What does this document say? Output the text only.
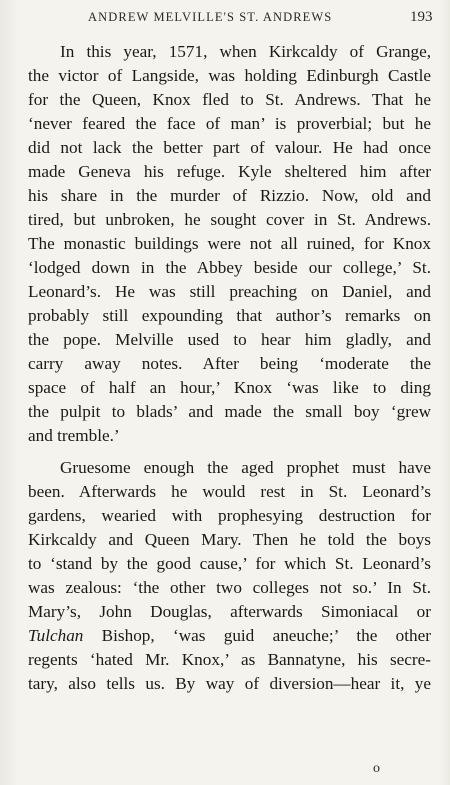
ANDREW MELVILLE'S ST. ANDREWS	193

In this year, 1571, when Kirkcaldy of Grange,
the victor of Langside, was holding Edinburgh Castle
for the Queen, Knox fled to St. Andrews. That he
‘never feared the face of man’ is proverbial; but he
did not lack the better part of valour. He had once
made Geneva his refuge. Kyle sheltered him after
his share in the murder of Rizzio. Now, old and
tired, but unbroken, he sought cover in St. Andrews.
The monastic buildings were not all ruined, for Knox
‘lodged down in the Abbey beside our college,’ St.
Leonard’s. He was still preaching on Daniel, and
probably still expounding that author’s remarks on
the pope. Melville used to hear him gladly, and
carry away notes. After being ‘moderate the
space of half an hour,’ Knox ‘was like to ding
the pulpit to blads’ and made the small boy ‘grew
and tremble.’

Gruesome enough the aged prophet must have
been. Afterwards he would rest in St. Leonard’s
gardens, wearied with prophesying destruction for
Kirkcaldy and Queen Mary. Then he told the boys
to ‘stand by the good cause,’ for which St. Leonard’s
was zealous: ‘the other two colleges not so.’ In St.
Mary’s, John Douglas, afterwards Simoniacal or
Tulchan Bishop, ‘was guid aneuche;’ the other
regents ‘hated Mr. Knox,’ as Bannatyne, his secre-
tary, also tells us. By way of diversion—hear it, ye

o
